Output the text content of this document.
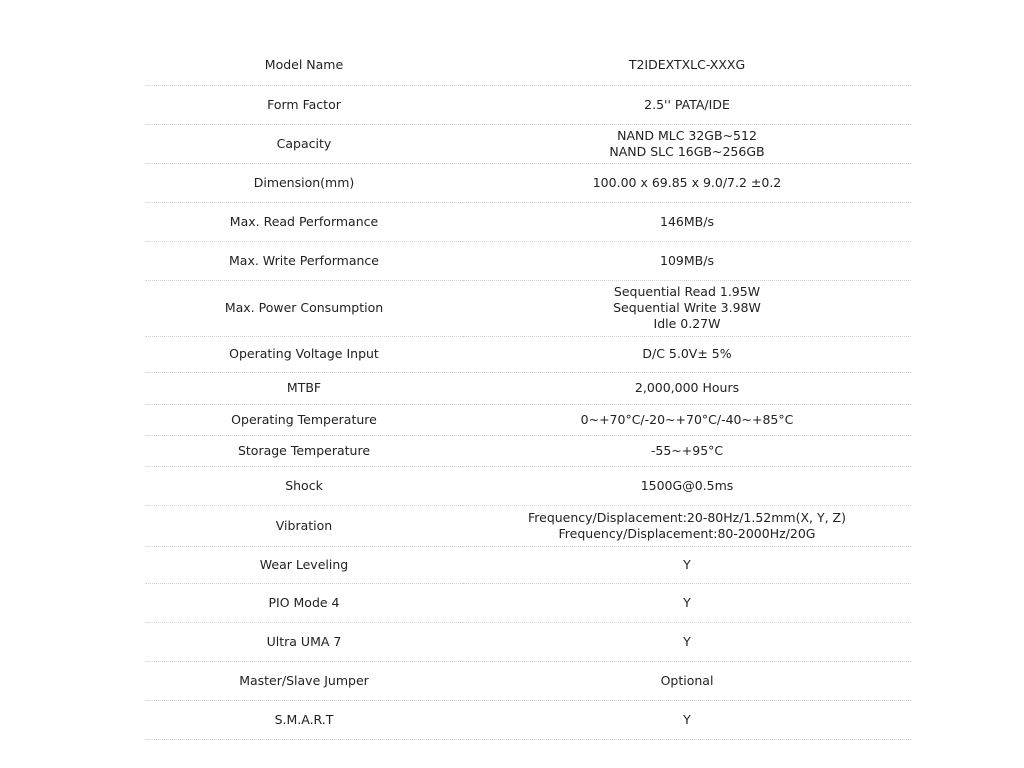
Model Name	T2IDEXTXLC-XXXG

Form Factor	2.5'' PATA/IDE

Capacity	NAND MLC 32GB~512
NAND SLC 16GB~256GB

Dimension(mm)	100.00 x 69.85 x 9.0/7.2 ±0.2

Max. Read Performance	146MB/s

Max. Write Performance	109MB/s

Max. Power Consumption	Sequential Read 1.95W
Sequential Write 3.98W
Idle 0.27W

Operating Voltage Input	D/C 5.0V± 5%

MTBF	2,000,000 Hours

Operating Temperature	0~+70°C/-20~+70°C/-40~+85°C

Storage Temperature	-55~+95°C

Shock	1500G@0.5ms

Vibration	Frequency/Displacement:20-80Hz/1.52mm(X, Y, Z)
Frequency/Displacement:80-2000Hz/20G

Wear Leveling	Y

PIO Mode 4	Y

Ultra UMA 7	Y

Master/Slave Jumper	Optional

S.M.A.R.T	Y
